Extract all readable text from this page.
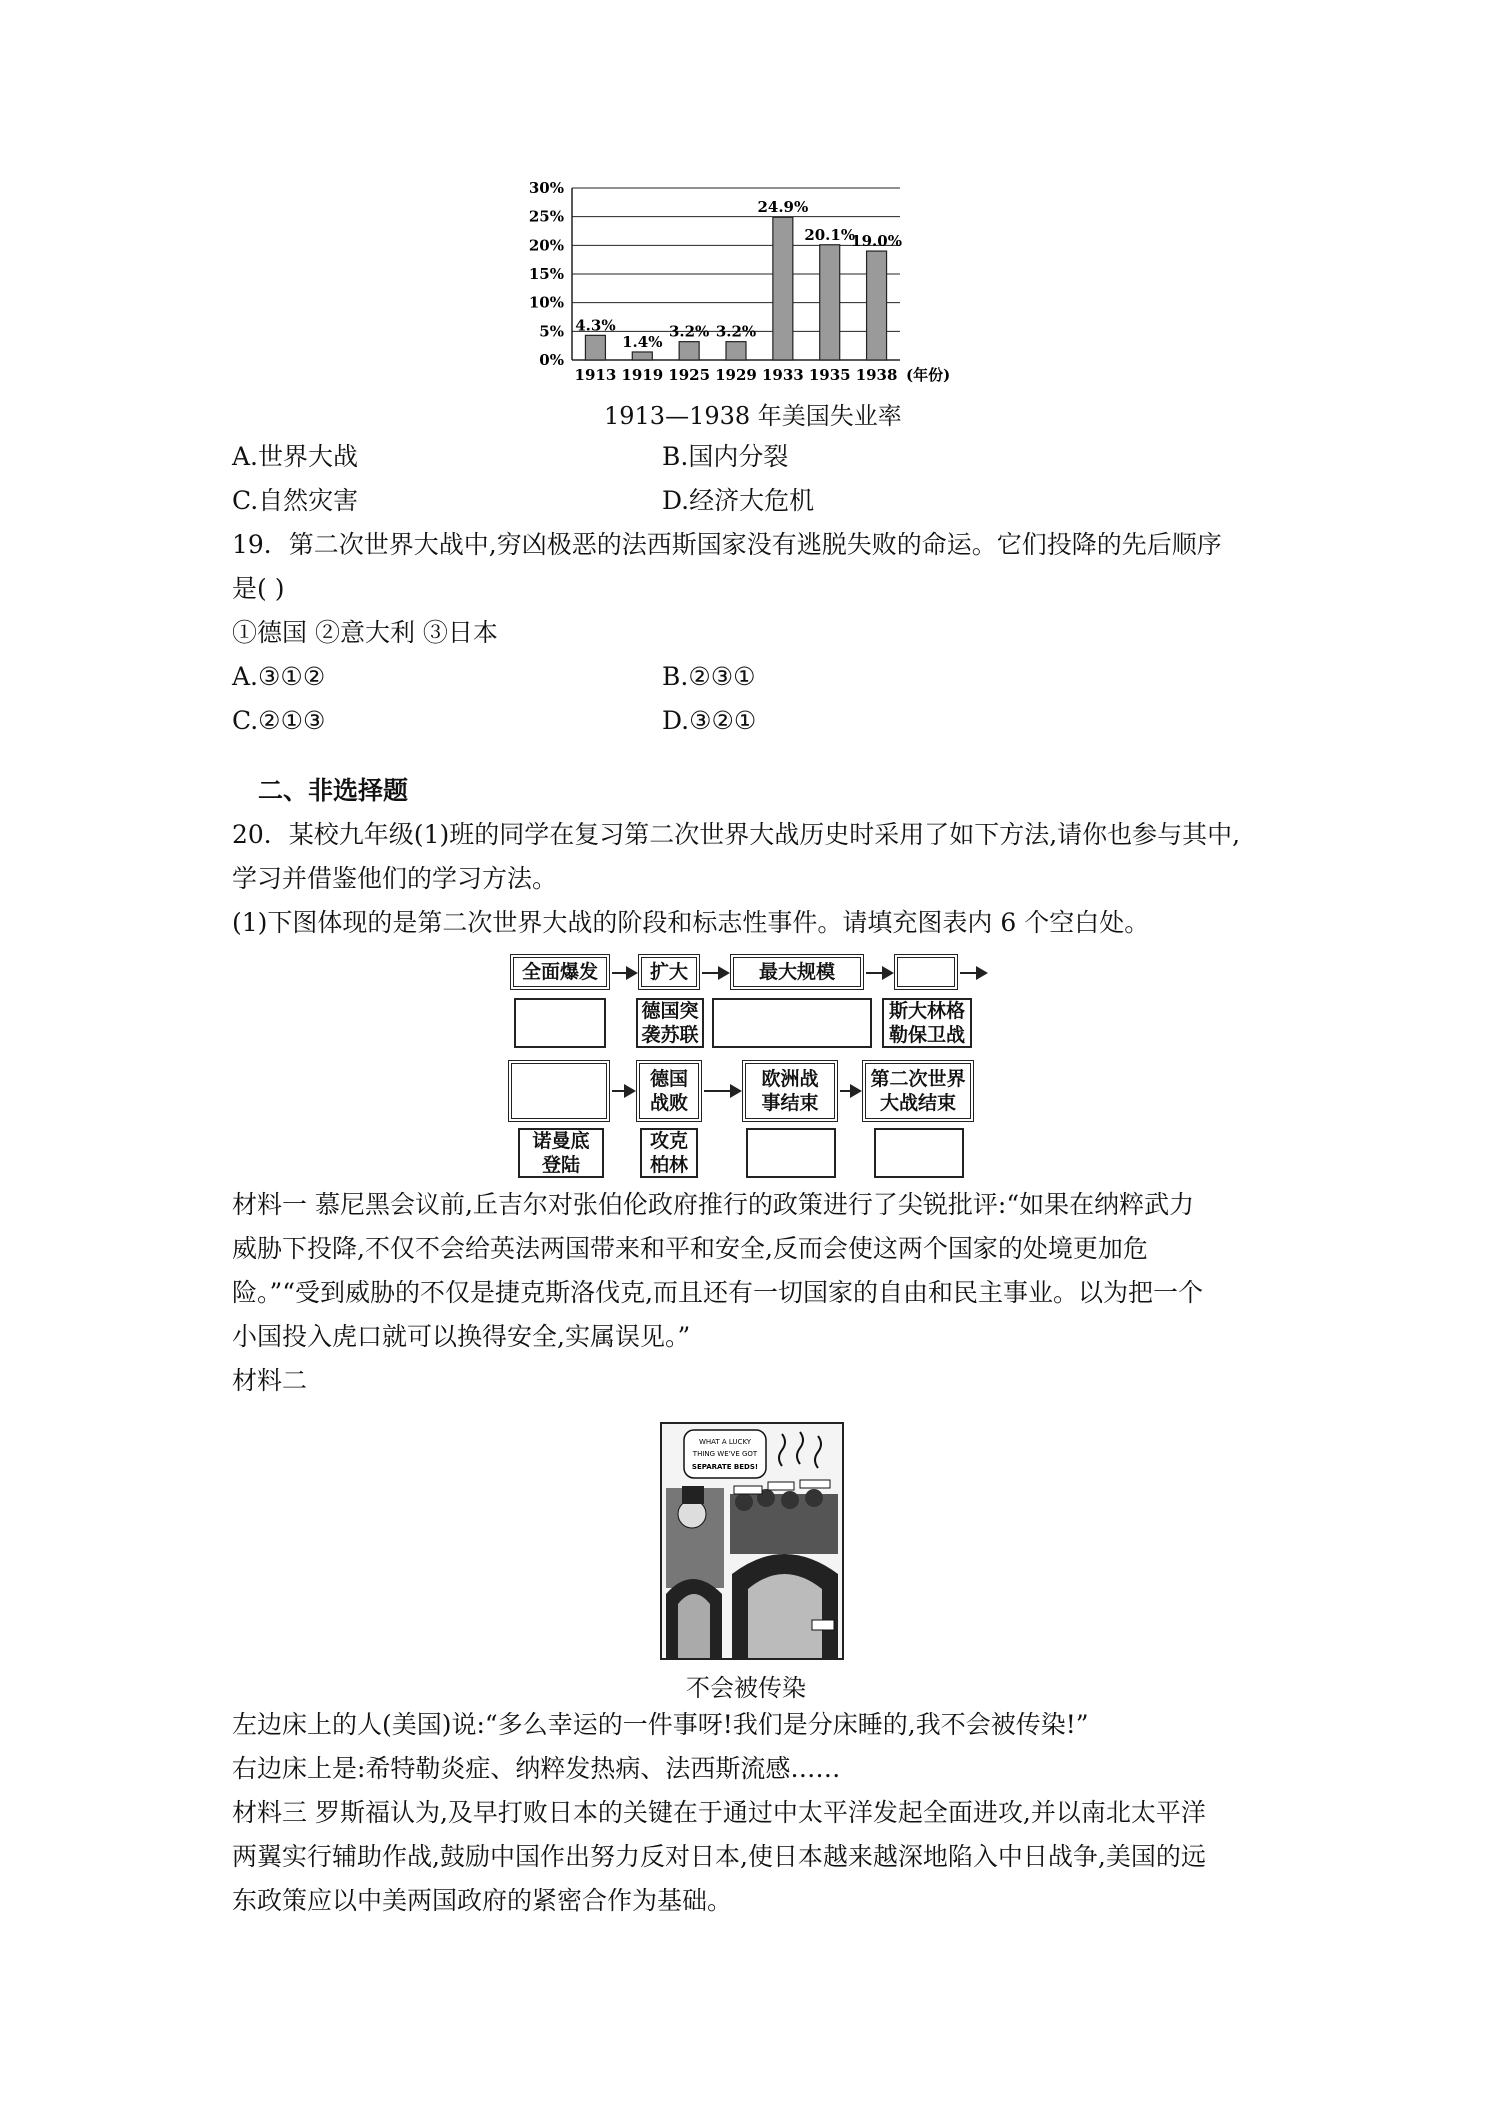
0%
5%
10%
15%
20%
25%
30%
4.3%
1913
1.4%
1919
3.2%
1925
3.2%
1929
24.9%
1933
20.1%
1935
19.0%
1938 (年份)
1913—1938 年美国失业率
A.世界大战	B.国内分裂
C.自然灾害	D.经济大危机
19．第二次世界大战中,穷凶极恶的法西斯国家没有逃脱失败的命运。它们投降的先后顺序
是( )
①德国 ②意大利 ③日本
A.③①②	B.②③①
C.②①③	D.③②①
二、非选择题
20．某校九年级(1)班的同学在复习第二次世界大战历史时采用了如下方法,请你也参与其中,
学习并借鉴他们的学习方法。
(1)下图体现的是第二次世界大战的阶段和标志性事件。请填充图表内 6 个空白处。
全面爆发	扩大	最大规模
德国突
袭苏联
斯大林格
勒保卫战
德国
战败
欧洲战
事结束
第二次世界
大战结束
诺曼底
登陆
攻克
柏林
材料一 慕尼黑会议前,丘吉尔对张伯伦政府推行的政策进行了尖锐批评:“如果在纳粹武力
威胁下投降,不仅不会给英法两国带来和平和安全,反而会使这两个国家的处境更加危
险。”“受到威胁的不仅是捷克斯洛伐克,而且还有一切国家的自由和民主事业。以为把一个
小国投入虎口就可以换得安全,实属误见。”
材料二
WHAT A LUCKY
THING WE'VE GOT
SEPARATE BEDS!
不会被传染
左边床上的人(美国)说:“多么幸运的一件事呀!我们是分床睡的,我不会被传染!”
右边床上是:希特勒炎症、纳粹发热病、法西斯流感……
材料三 罗斯福认为,及早打败日本的关键在于通过中太平洋发起全面进攻,并以南北太平洋
两翼实行辅助作战,鼓励中国作出努力反对日本,使日本越来越深地陷入中日战争,美国的远
东政策应以中美两国政府的紧密合作为基础。
